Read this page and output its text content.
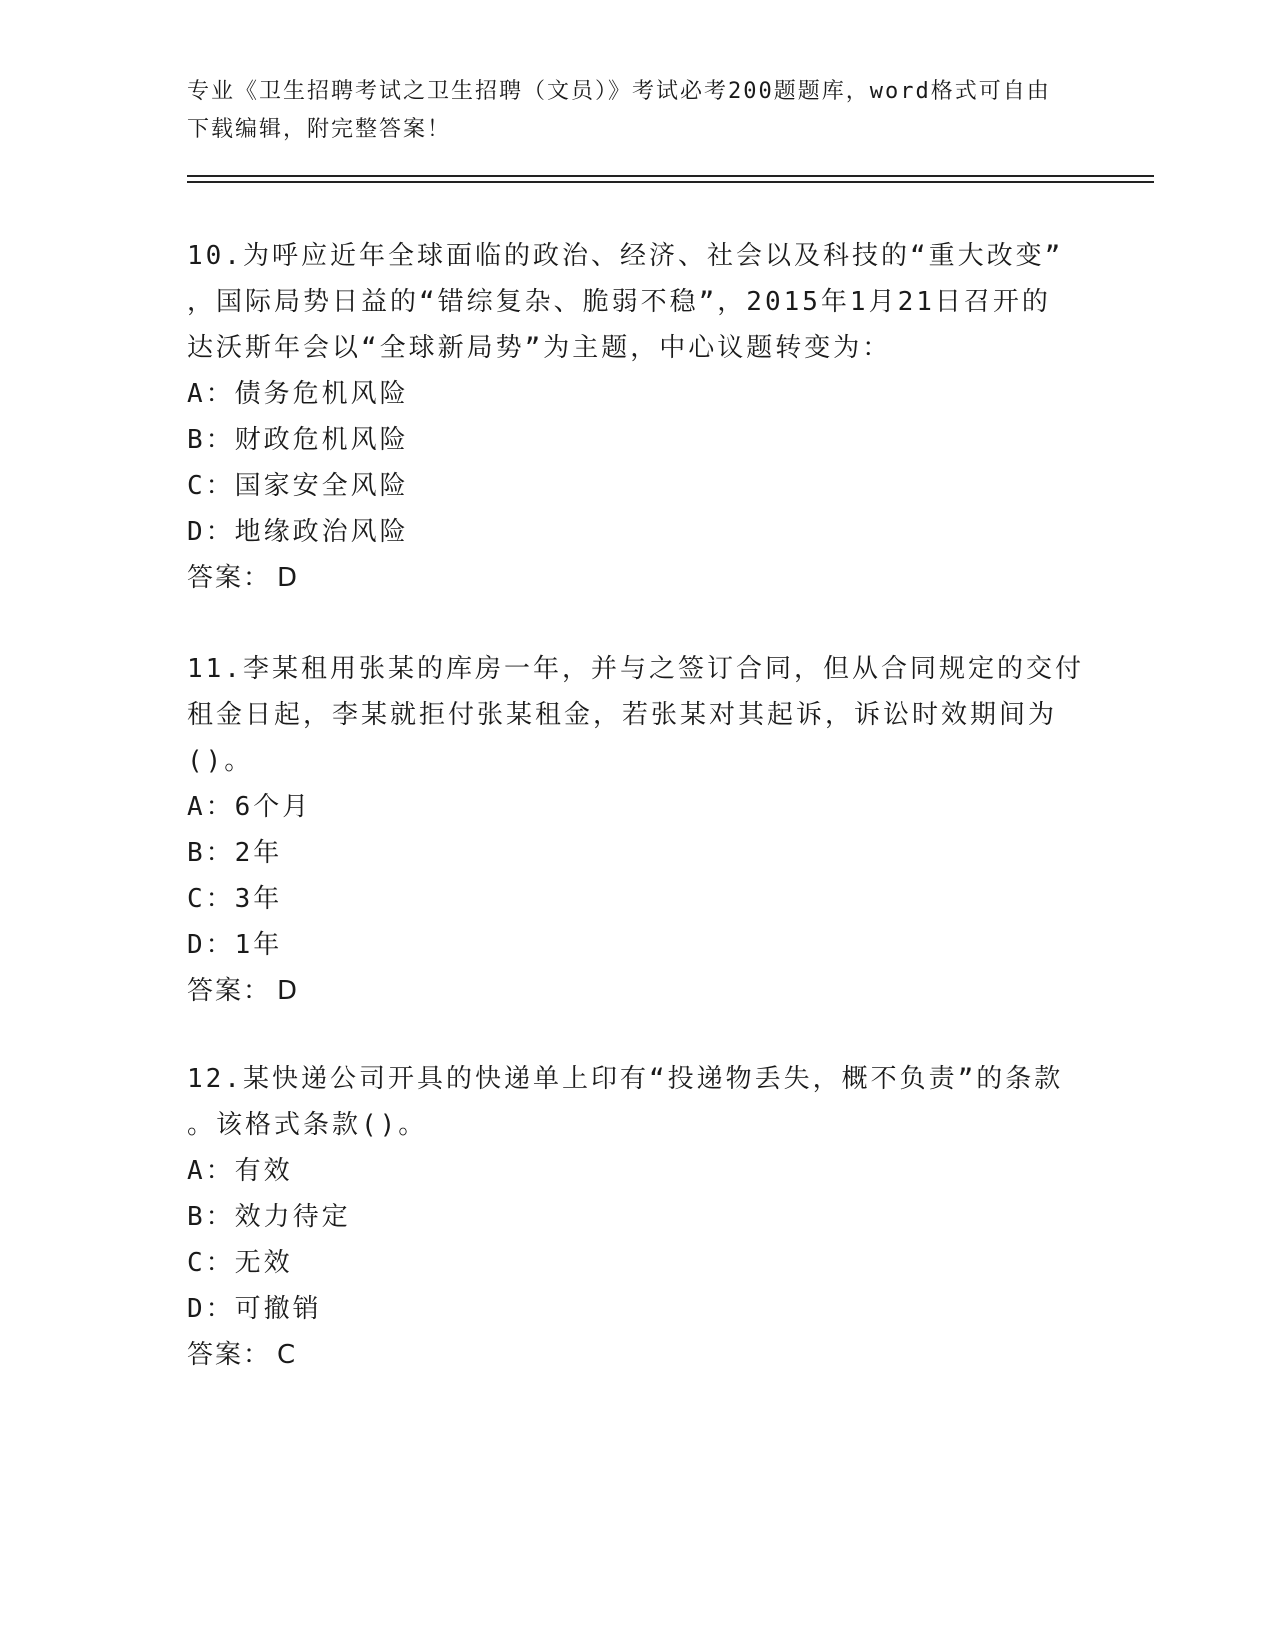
专业《卫生招聘考试之卫生招聘（文员）》考试必考200题题库，word格式可自由下载编辑，附完整答案！

10.为呼应近年全球面临的政治、经济、社会以及科技的“重大改变”

，国际局势日益的“错综复杂、脆弱不稳”，2015年1月21日召开的

达沃斯年会以“全球新局势”为主题，中心议题转变为：

A：债务危机风险

B：财政危机风险

C：国家安全风险

D：地缘政治风险

答案： D

11.李某租用张某的库房一年，并与之签订合同，但从合同规定的交付

租金日起，李某就拒付张某租金，若张某对其起诉，诉讼时效期间为

()。

A：6个月

B：2年

C：3年

D：1年

答案： D

12.某快递公司开具的快递单上印有“投递物丢失，概不负责”的条款

。该格式条款()。

A：有效

B：效力待定

C：无效

D：可撤销

答案： C
